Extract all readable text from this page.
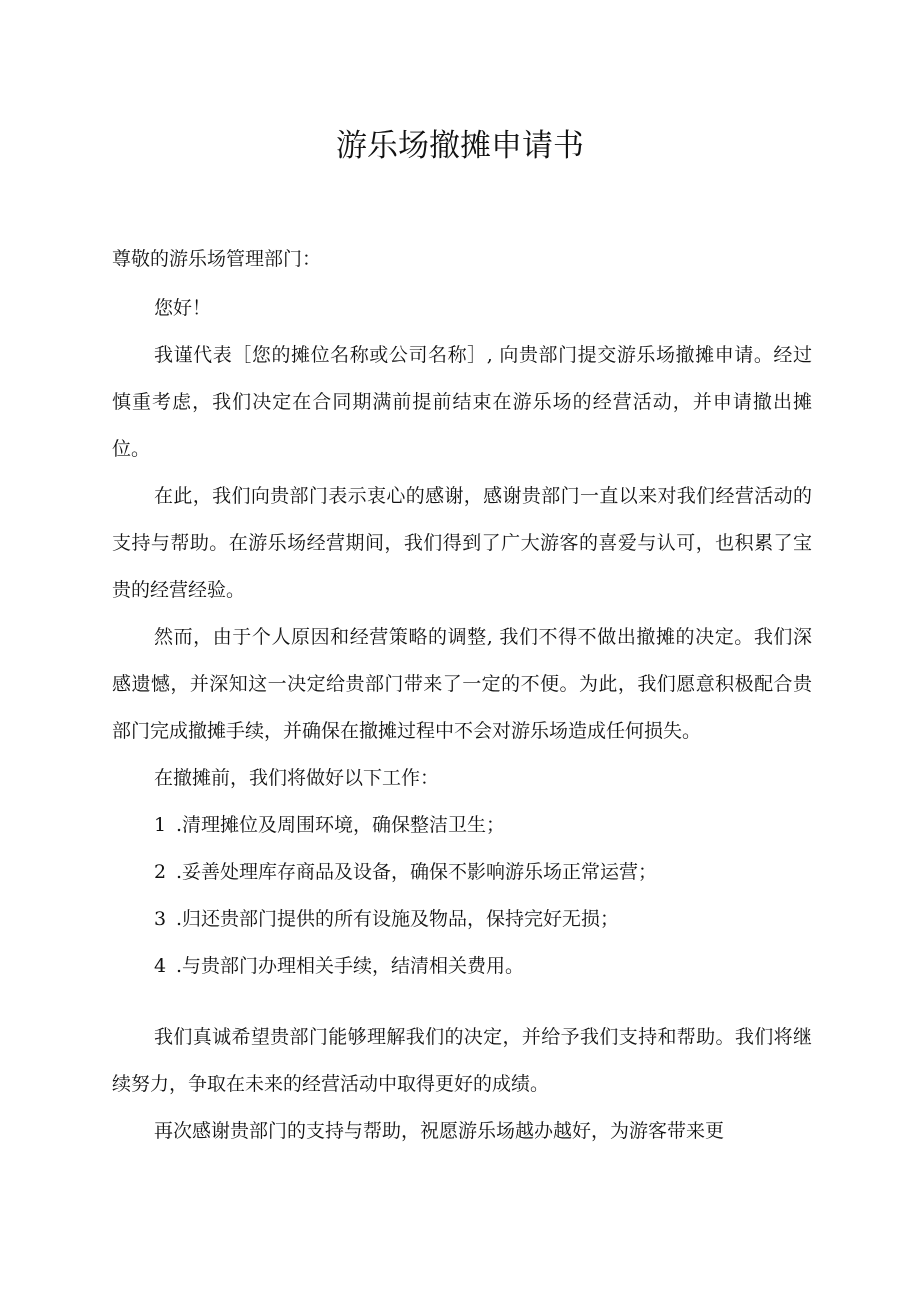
游乐场撤摊申请书

尊敬的游乐场管理部门：

您好！

我谨代表［您的摊位名称或公司名称］, 向贵部门提交游乐场撤摊申请。经过慎重考虑，我们决定在合同期满前提前结束在游乐场的经营活动，并申请撤出摊位。

在此，我们向贵部门表示衷心的感谢，感谢贵部门一直以来对我们经营活动的支持与帮助。在游乐场经营期间，我们得到了广大游客的喜爱与认可，也积累了宝贵的经营经验。

然而，由于个人原因和经营策略的调整, 我们不得不做出撤摊的决定。我们深感遗憾，并深知这一决定给贵部门带来了一定的不便。为此，我们愿意积极配合贵部门完成撤摊手续，并确保在撤摊过程中不会对游乐场造成任何损失。

在撤摊前，我们将做好以下工作：

1 .清理摊位及周围环境，确保整洁卫生；

2 .妥善处理库存商品及设备，确保不影响游乐场正常运营；

3 .归还贵部门提供的所有设施及物品，保持完好无损；

4 .与贵部门办理相关手续，结清相关费用。

我们真诚希望贵部门能够理解我们的决定，并给予我们支持和帮助。我们将继续努力，争取在未来的经营活动中取得更好的成绩。

再次感谢贵部门的支持与帮助，祝愿游乐场越办越好，为游客带来更
